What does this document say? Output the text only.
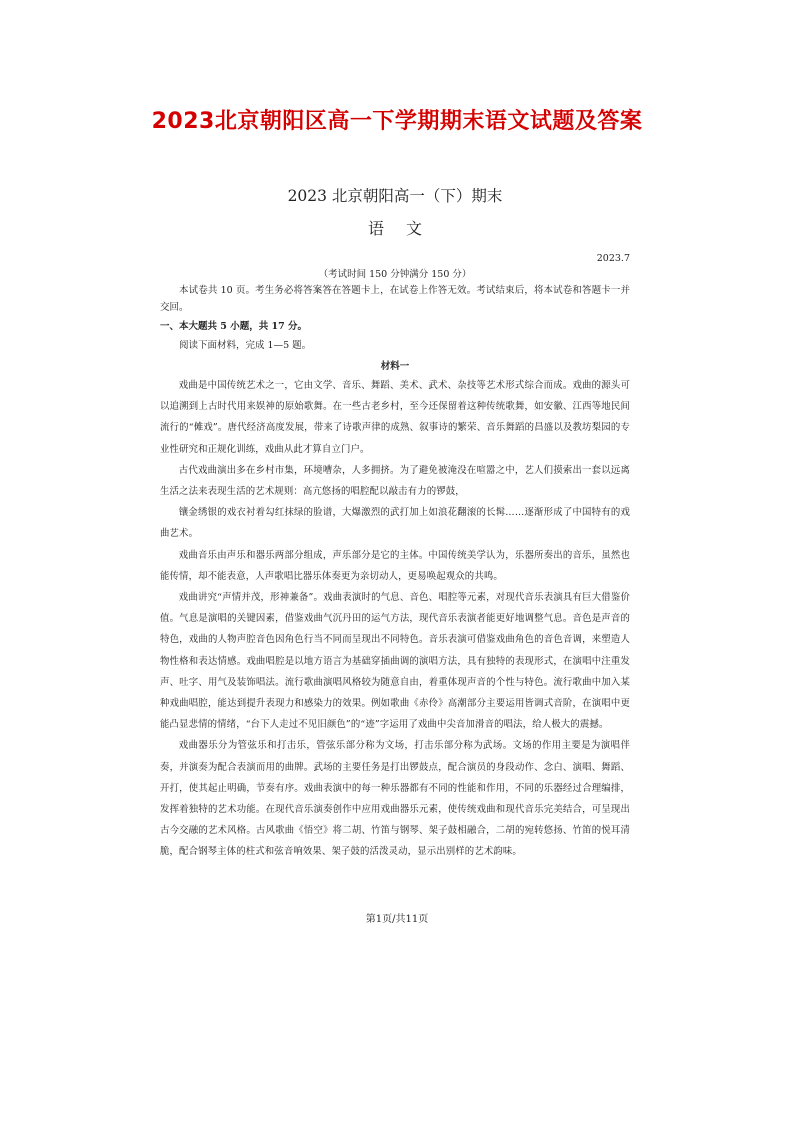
2023北京朝阳区高一下学期期末语文试题及答案
2023 北京朝阳高一（下）期末
语文
2023.7
（考试时间 150 分钟满分 150 分）
本试卷共 10 页。考生务必将答案答在答题卡上，在试卷上作答无效。考试结束后，将本试卷和答题卡一并交回。
一、本大题共 5 小题，共 17 分。
阅读下面材料，完成 1—5 题。
材料一
戏曲是中国传统艺术之一，它由文学、音乐、舞蹈、美术、武术、杂技等艺术形式综合而成。戏曲的源头可以追溯到上古时代用来娱神的原始歌舞。在一些古老乡村，至今还保留着这种传统歌舞，如安徽、江西等地民间流行的“傩戏”。唐代经济高度发展，带来了诗歌声律的成熟、叙事诗的繁荣、音乐舞蹈的昌盛以及教坊梨园的专业性研究和正规化训练，戏曲从此才算自立门户。
古代戏曲演出多在乡村市集，环境嘈杂，人多拥挤。为了避免被淹没在喧嚣之中，艺人们摸索出一套以远离生活之法来表现生活的艺术规则：高亢悠扬的唱腔配以敲击有力的锣鼓，
镶金绣银的戏衣衬着勾红抹绿的脸谱，大爆激烈的武打加上如浪花翻滚的长髯……逐渐形成了中国特有的戏曲艺术。
戏曲音乐由声乐和器乐两部分组成，声乐部分是它的主体。中国传统美学认为，乐器所奏出的音乐，虽然也能传情，却不能表意，人声歌唱比器乐体奏更为亲切动人，更易唤起观众的共鸣。
戏曲讲究“声情并茂，形神兼备”。戏曲表演时的气息、音色、唱腔等元素，对现代音乐表演具有巨大借鉴价值。气息是演唱的关键因素，借鉴戏曲气沉丹田的运气方法，现代音乐表演者能更好地调整气息。音色是声音的特色，戏曲的人物声腔音色因角色行当不同而呈现出不同特色。音乐表演可借鉴戏曲角色的音色音调，来塑造人物性格和表达情感。戏曲唱腔是以地方语言为基础穿插曲调的演唱方法，具有独特的表现形式，在演唱中注重发声、吐字、用气及装饰唱法。流行歌曲演唱风格较为随意自由，着重体现声音的个性与特色。流行歌曲中加入某种戏曲唱腔，能达到提升表现力和感染力的效果。例如歌曲《赤伶》高潮部分主要运用皆调式音阶，在演唱中更能凸显悲情的情绪，“台下人走过不见旧颜色”的“迹”字运用了戏曲中尖音加滑音的唱法，给人极大的震撼。
戏曲器乐分为管弦乐和打击乐，管弦乐部分称为文场，打击乐部分称为武场。文场的作用主要是为演唱伴奏，并演奏为配合表演而用的曲牌。武场的主要任务是打出锣鼓点，配合演员的身段动作、念白、演唱、舞蹈、开打，使其起止明确，节奏有序。戏曲表演中的每一种乐器都有不同的性能和作用，不同的乐器经过合理编排，发挥着独特的艺术功能。在现代音乐演奏创作中应用戏曲器乐元素，使传统戏曲和现代音乐完美结合，可呈现出古今交融的艺术风格。古风歌曲《悟空》将二胡、竹笛与钢琴、架子鼓相融合，二胡的宛转悠扬、竹笛的悦耳清脆，配合钢琴主体的柱式和弦音响效果、架子鼓的活泼灵动，显示出别样的艺术韵味。
第1页/共11页
